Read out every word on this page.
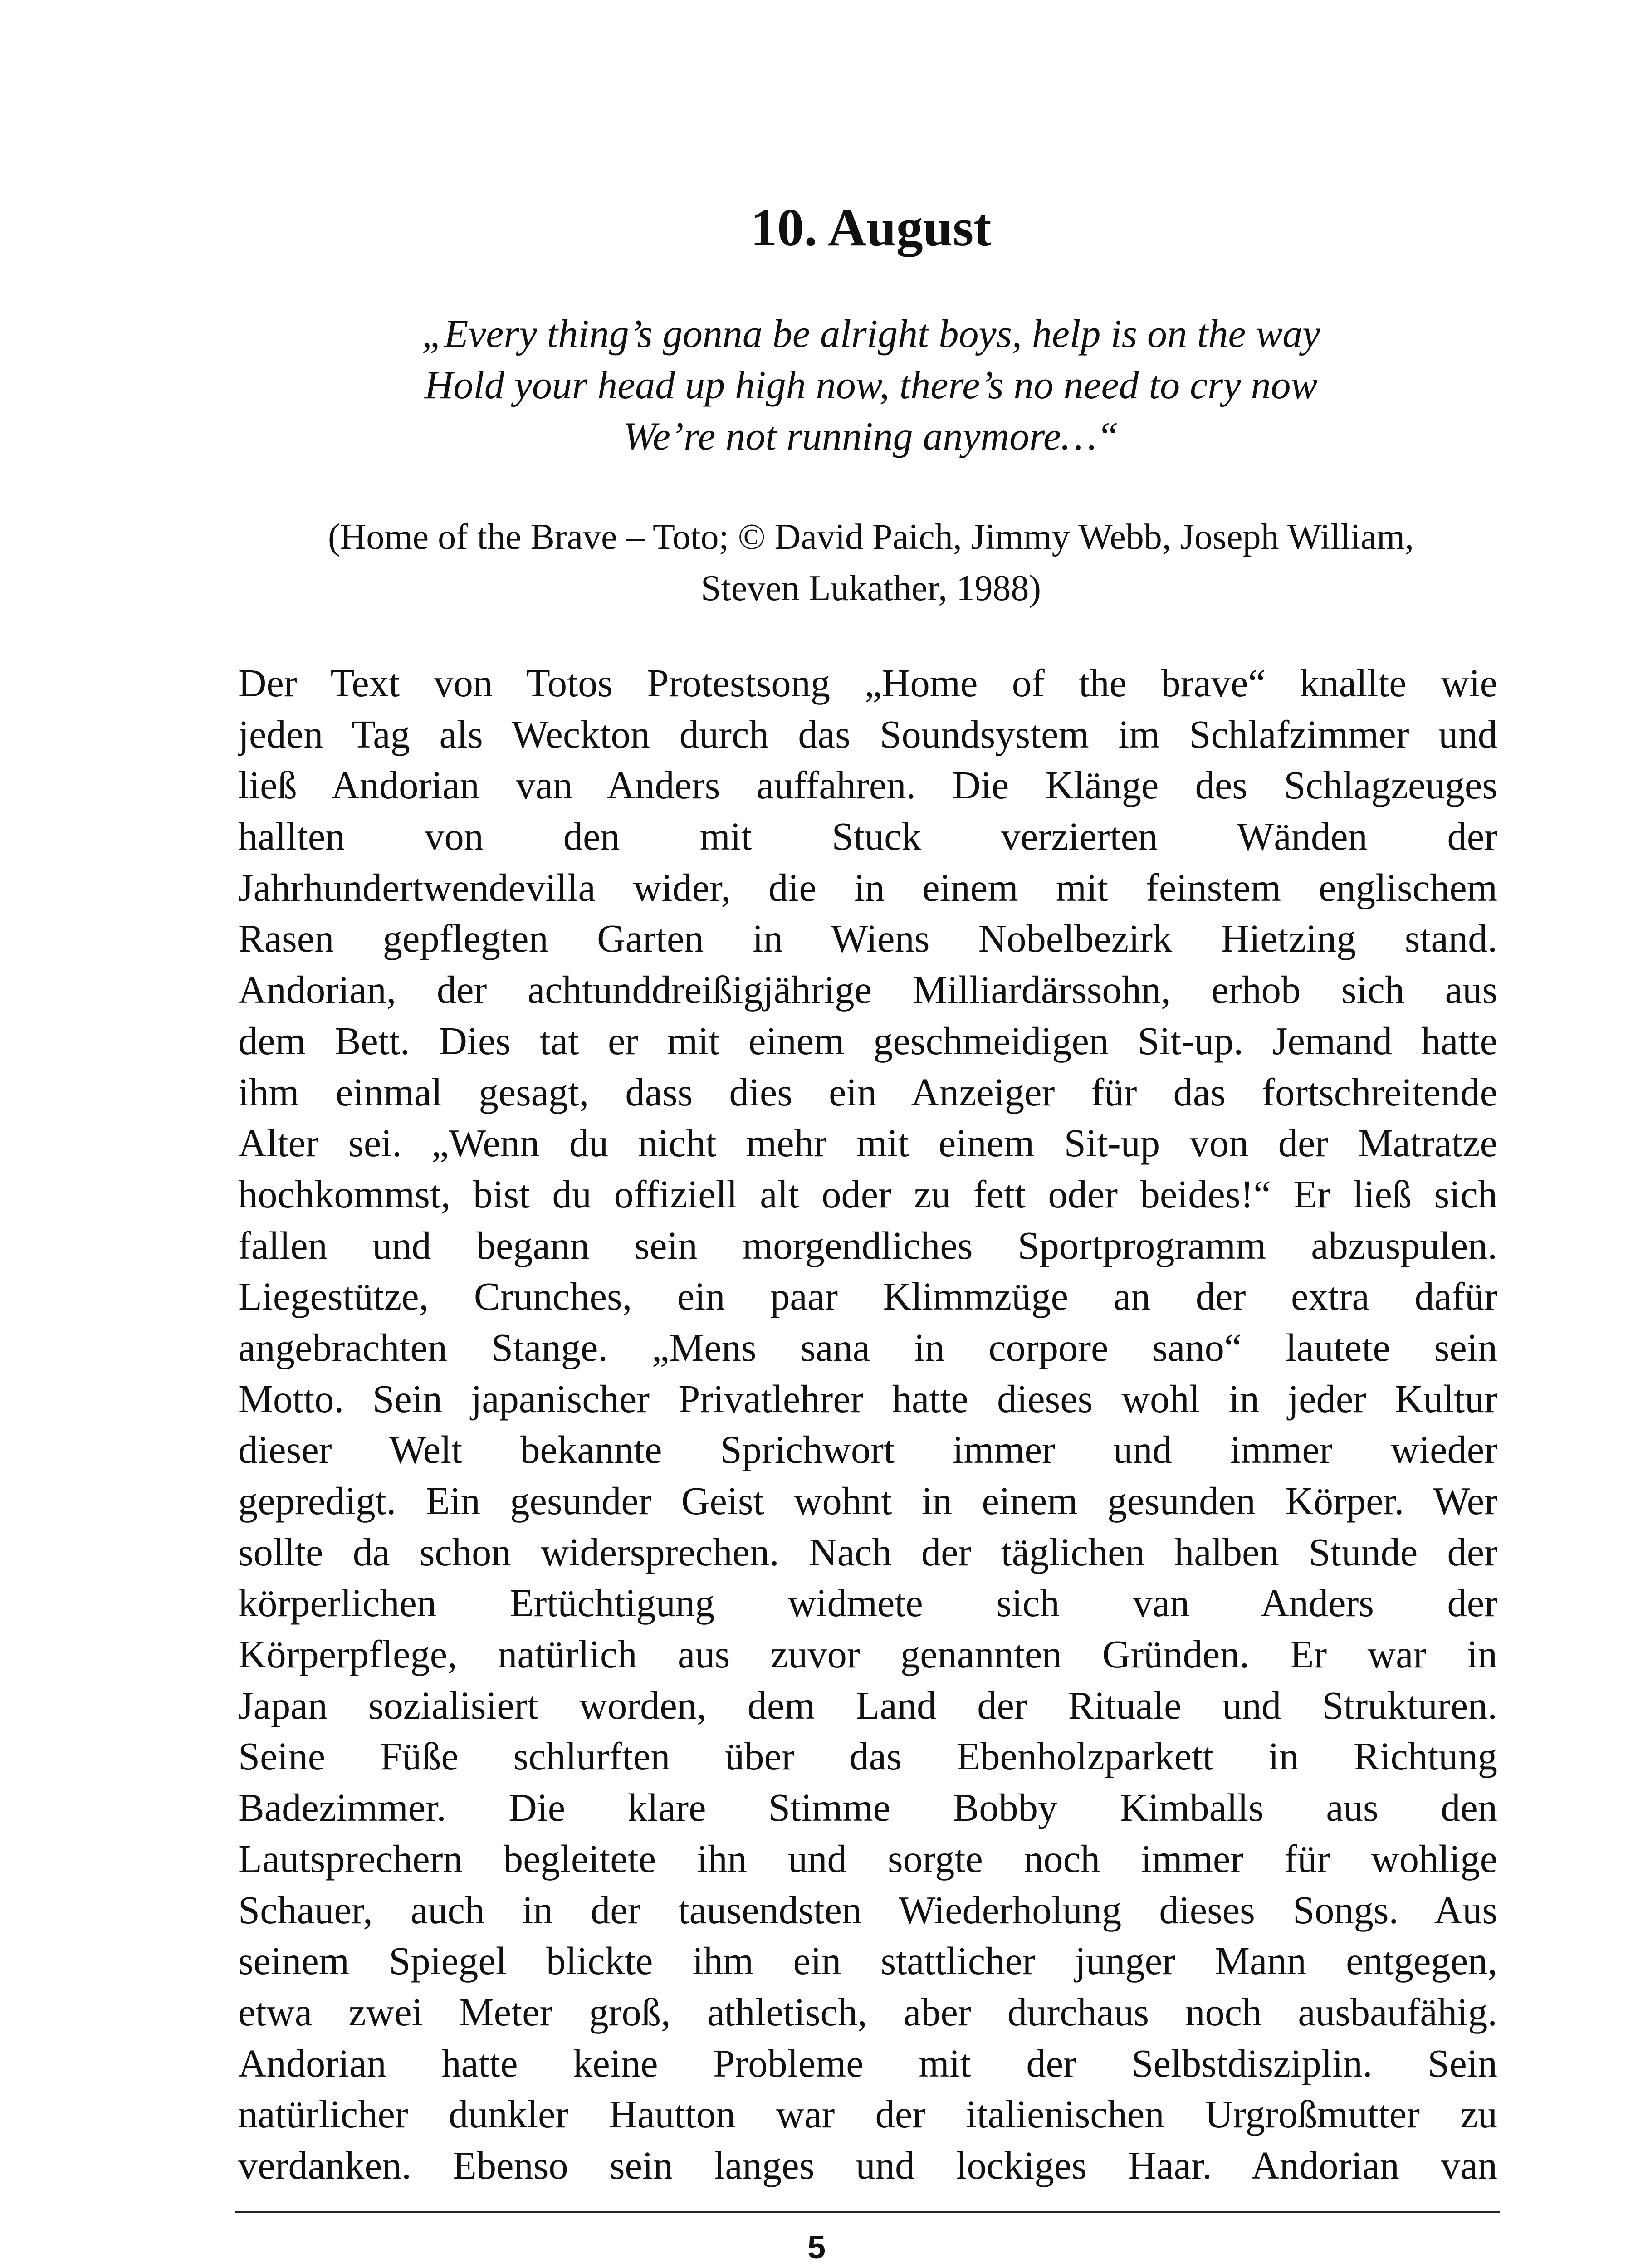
10. August
„Every thing’s gonna be alright boys, help is on the way
Hold your head up high now, there’s no need to cry now
We’re not running anymore…“
(Home of the Brave – Toto; © David Paich, Jimmy Webb, Joseph William,
Steven Lukather, 1988)
Der Text von Totos Protestsong „Home of the brave“ knallte wie
jeden Tag als Weckton durch das Soundsystem im Schlafzimmer und
ließ Andorian van Anders auffahren. Die Klänge des Schlagzeuges
hallten von den mit Stuck verzierten Wänden der
Jahrhundertwendevilla wider, die in einem mit feinstem englischem
Rasen gepflegten Garten in Wiens Nobelbezirk Hietzing stand.
Andorian, der achtunddreißigjährige Milliardärssohn, erhob sich aus
dem Bett. Dies tat er mit einem geschmeidigen Sit-up. Jemand hatte
ihm einmal gesagt, dass dies ein Anzeiger für das fortschreitende
Alter sei. „Wenn du nicht mehr mit einem Sit-up von der Matratze
hochkommst, bist du offiziell alt oder zu fett oder beides!“ Er ließ sich
fallen und begann sein morgendliches Sportprogramm abzuspulen.
Liegestütze, Crunches, ein paar Klimmzüge an der extra dafür
angebrachten Stange. „Mens sana in corpore sano“ lautete sein
Motto. Sein japanischer Privatlehrer hatte dieses wohl in jeder Kultur
dieser Welt bekannte Sprichwort immer und immer wieder
gepredigt. Ein gesunder Geist wohnt in einem gesunden Körper. Wer
sollte da schon widersprechen. Nach der täglichen halben Stunde der
körperlichen Ertüchtigung widmete sich van Anders der
Körperpflege, natürlich aus zuvor genannten Gründen. Er war in
Japan sozialisiert worden, dem Land der Rituale und Strukturen.
Seine Füße schlurften über das Ebenholzparkett in Richtung
Badezimmer. Die klare Stimme Bobby Kimballs aus den
Lautsprechern begleitete ihn und sorgte noch immer für wohlige
Schauer, auch in der tausendsten Wiederholung dieses Songs. Aus
seinem Spiegel blickte ihm ein stattlicher junger Mann entgegen,
etwa zwei Meter groß, athletisch, aber durchaus noch ausbaufähig.
Andorian hatte keine Probleme mit der Selbstdisziplin. Sein
natürlicher dunkler Hautton war der italienischen Urgroßmutter zu
verdanken. Ebenso sein langes und lockiges Haar. Andorian van
5
